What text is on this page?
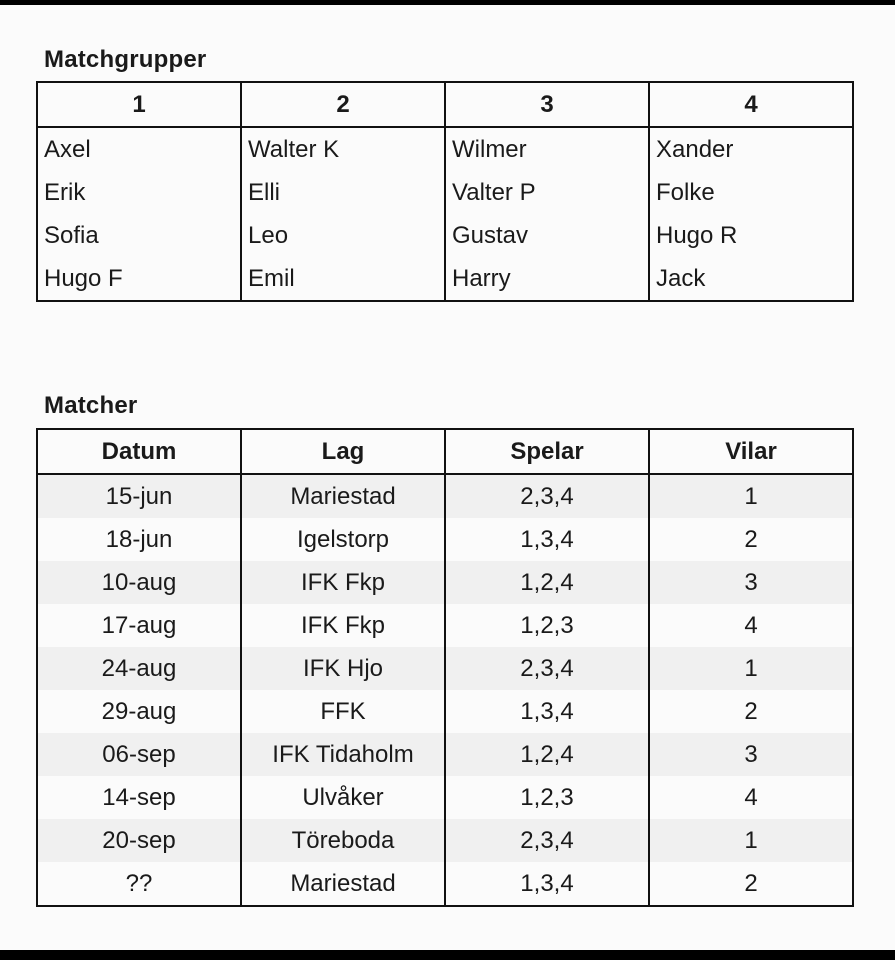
Matchgrupper
1	2	3	4
Axel	Walter K	Wilmer	Xander
Erik	Elli	Valter P	Folke
Sofia	Leo	Gustav	Hugo R
Hugo F	Emil	Harry	Jack
Matcher
Datum	Lag	Spelar	Vilar
15-jun	Mariestad	2,3,4	1
18-jun	Igelstorp	1,3,4	2
10-aug	IFK Fkp	1,2,4	3
17-aug	IFK Fkp	1,2,3	4
24-aug	IFK Hjo	2,3,4	1
29-aug	FFK	1,3,4	2
06-sep	IFK Tidaholm	1,2,4	3
14-sep	Ulvåker	1,2,3	4
20-sep	Töreboda	2,3,4	1
??	Mariestad	1,3,4	2
